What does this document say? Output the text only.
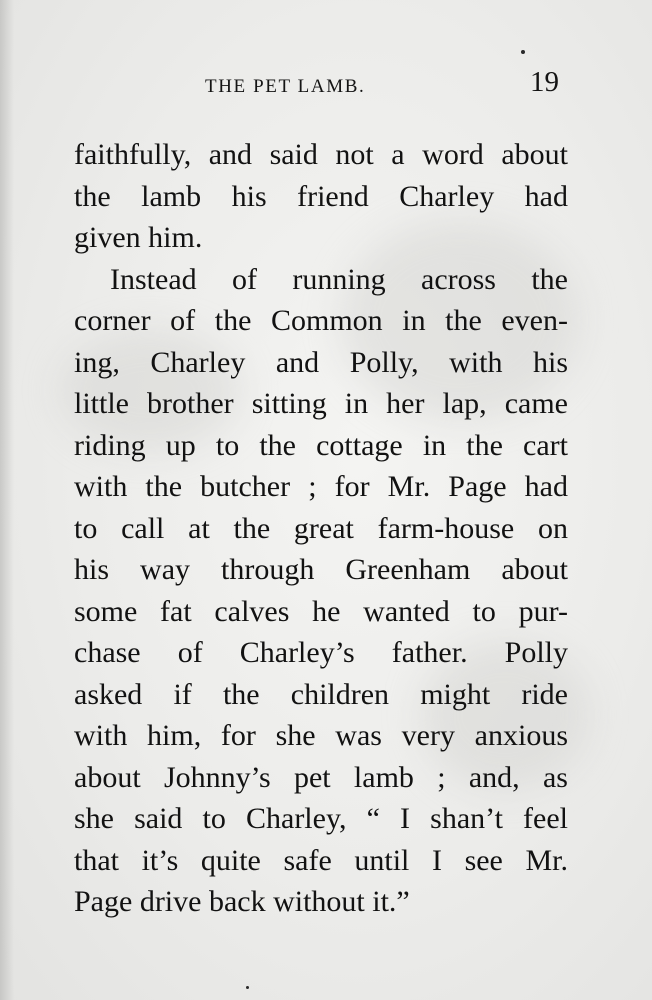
THE PET LAMB.	19
faithfully, and said not a word about
the lamb his friend Charley had
given him.
Instead of running across the
corner of the Common in the even-
ing, Charley and Polly, with his
little brother sitting in her lap, came
riding up to the cottage in the cart
with the butcher ; for Mr. Page had
to call at the great farm-house on
his way through Greenham about
some fat calves he wanted to pur-
chase of Charley’s father. Polly
asked if the children might ride
with him, for she was very anxious
about Johnny’s pet lamb ; and, as
she said to Charley, “ I shan’t feel
that it’s quite safe until I see Mr.
Page drive back without it.”
